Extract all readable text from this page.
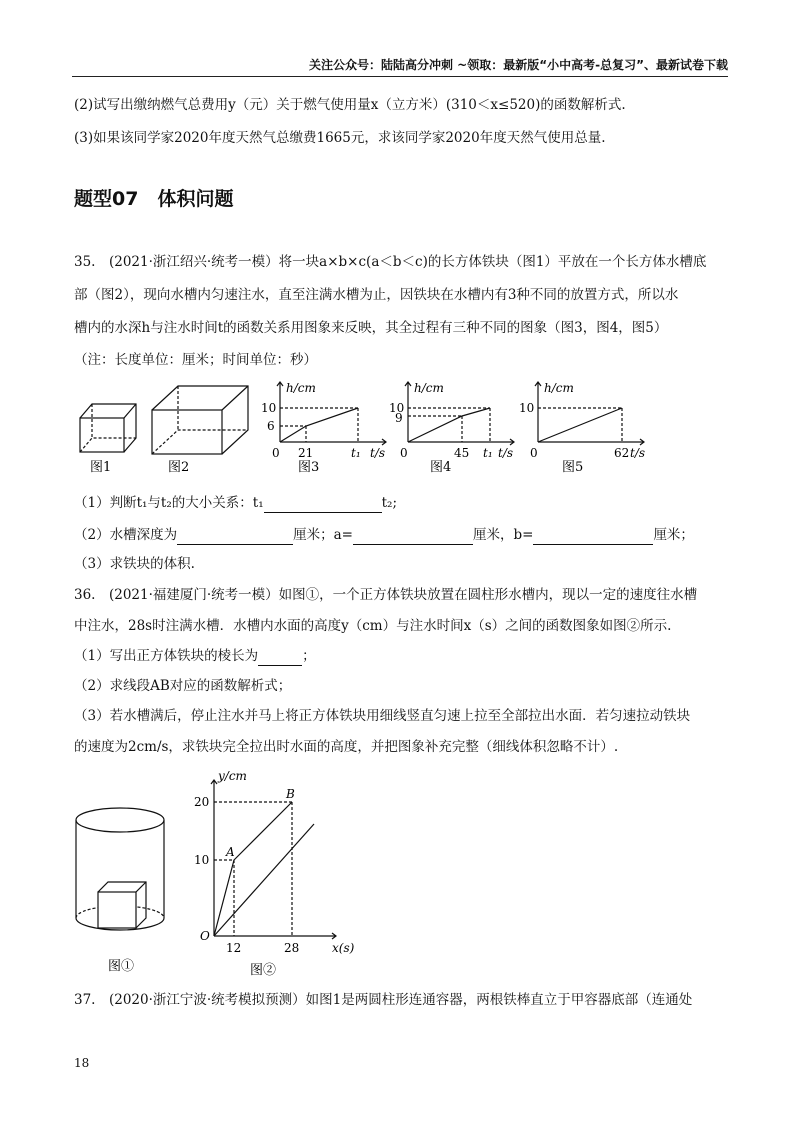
关注公众号：陆陆高分冲刺 ~领取：最新版“小中高考-总复习”、最新试卷下载
(2)试写出缴纳燃气总费用y（元）关于燃气使用量x（立方米）(310＜x≤520)的函数解析式.
(3)如果该同学家2020年度天然气总缴费1665元，求该同学家2020年度天然气使用总量.
题型07　体积问题
35.　(2021·浙江绍兴·统考一模）将一块a×b×c(a＜b＜c)的长方体铁块（图1）平放在一个长方体水槽底
部（图2），现向水槽内匀速注水，直至注满水槽为止，因铁块在水槽内有3种不同的放置方式，所以水
槽内的水深h与注水时间t的函数关系用图象来反映，其全过程有三种不同的图象（图3，图4，图5）
（注：长度单位：厘米；时间单位：秒）
图1	图2
h/cm
10
6
0 21	t₁ t/s
图3
h/cm
10
9
0	45 t₁ t/s
图4
h/cm
10
0	62 t/s
图5
（1）判断t₁与t₂的大小关系：t₁	t₂;
（2）水槽深度为	厘米；a=	厘米，b=	厘米；
（3）求铁块的体积.
36.　(2021·福建厦门·统考一模）如图①，一个正方体铁块放置在圆柱形水槽内，现以一定的速度往水槽
中注水，28s时注满水槽．水槽内水面的高度y（cm）与注水时间x（s）之间的函数图象如图②所示.
（1）写出正方体铁块的棱长为	；
（2）求线段AB对应的函数解析式；
（3）若水槽满后，停止注水并马上将正方体铁块用细线竖直匀速上拉至全部拉出水面．若匀速拉动铁块
的速度为2cm/s，求铁块完全拉出时水面的高度，并把图象补充完整（细线体积忽略不计）.
图①
y/cm
20
10
A
B
O
12	28	x(s)
图②
37.　(2020·浙江宁波·统考模拟预测）如图1是两圆柱形连通容器，两根铁棒直立于甲容器底部（连通处
18
